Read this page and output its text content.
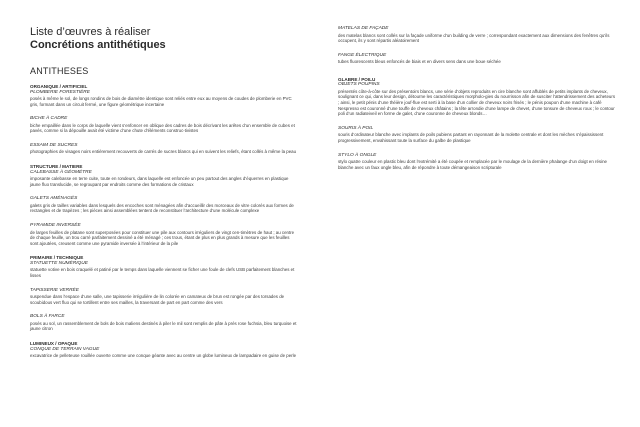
Liste d’œuvres à réaliser
Concrétions antithétiques
ANTITHESES
ORGANIQUE / ARTIFICIEL
PLOMBERIE FORESTIÈRE
posés à même le sol, de longs rondins de bois de diamètre identique sont reliés entre eux au moyens de coudes de plomberie en PVC gris, formant dans un circuit fermé, une figure géométrique incertaine
BICHE À CADRE
biche empaillée dans le corps de laquelle vient s’enfoncer en oblique des cadres de bois décrivant les arêtes d’un ensemble de cubes et pavés, comme si la dépouille avait été victime d’une chute d’éléments construc-tivistes
ESSAIM DE SUCRES
photographies de visages noirs entièrement recouverts de carrés de sucres blancs qui en suivent les reliefs, étant collés à même la peau
STRUCTURE / MATIERE
CALEBASSE À GÉOMÉTRE
imposante calebasse en terre cuite, toute en rondeurs, dans laquelle est enfoncée un peu partout des angles d’équerres en plastique jaune fluo translucide, se regroupant par endroits comme des formations de cristaux
GALETS AMÉNAGÉS
galets gris de tailles variables dans lesquels des encoches sont ménagées afin d’accueillir des morceaux de vitre colorés aux formes de rectangles et de trapèzes ; les pièces ainsi assemblées tentent de reconstituer l’architecture d’une molécule complexe
PYRAMIDE INVERSÉE
de larges feuilles de platane sont superposées pour constituer une pile aux contours irréguliers de vingt cen-timètres de haut ; au centre de chaque feuille, un trou carré parfaitement dessiné a été ménagé ; ces trous, étant de plus en plus grands à mesure que les feuilles sont ajoutées, creusent comme une pyramide inversée à l’intérieur de la pile
PRIMAIRE / TECHNIQUE
STATUETTE NUMÉRIQUE
statuette votive en bois craquelé et patiné par le temps dans laquelle viennent se ficher une foule de clefs USB parfaitement blanches et lisses
TAPISSERIE VERRÉE
suspendue dans l’espace d’une salle, une tapisserie irrégulière de lin colorée en camaïeux de brun est rongée par des torsades de scoubidous vert fluo qui se tortillent entre ses mailles, la traversant de part en part comme des vers
BOLS À FARCE
posés au sol, un rassemblement de bols de bois maliens destinés à piler le mil sont remplis de pâte à prés rose fuchsia, bleu turquoise et jaune citron
LUMINEUX / OPAQUE
CONQUE DE TERRAIN VAGUE
excavatrice de pelleteuse rouillée ouverte comme une conque géante avec au centre un globe lumineux de lampadaire en guise de perle
MATELAS DE FAÇADE
des matelas blancs sont collés sur la façade uniforme d’un building de verre ; correspondant exactement aux dimensions des fenêtres qu’ils occupent, ils y sont répartis aléatoirement
FANGE ÉLECTRIQUE
tubes fluorescents bleus enfoncés de biais et en divers sens dans une boue séchée
GLABRE / POILU
OBJETS POUPINS
présentés côte-à-côte sur des présentoirs blancs, une série d’objets reproduits en cire blanche sont affublés de petits implants de cheveux, soulignant ce qui, dans leur design, détourne les caractéristiques morpholo-gies du nourrisson afin de susciter l’attendrissement des acheteurs ; ainsi, le petit pénis d’une théière jouf-flue est serti à la base d’un collier de cheveux noirs frisés ; le pénis poupon d’une machine à café Nespresso est couronné d’une touffe de cheveux châtains ; la tête arrondie d’une lampe de chevet, d’une tonsure de cheveux roux ; le contour poli d’un radiateiveil en forme de galet, d’une couronne de cheveux blonds…
SOURIS À POIL
souris d’ordinateur blanche avec implants de poils pubiens partant en rayonnant de la molette centrale et dont les mèches s’épaississent progressivement, envahissant toute la surface du galbe de plastique
STYLO À ONGLE
stylo quatre couleur en plastic bleu dont l’extrémité a été coupée et remplacée par le moulage de la dernière phalange d’un doigt en résine blanche avec un faux ongle bleu, afin de répondre à toute démangeaison scripturale
